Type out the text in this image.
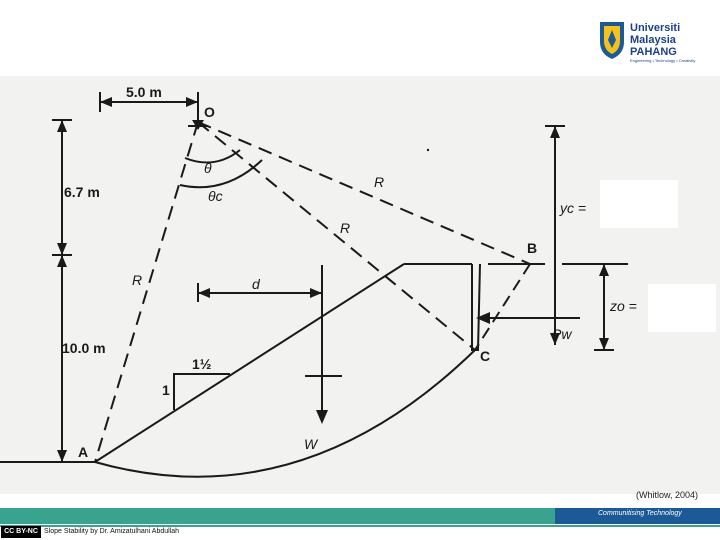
Universiti
Malaysia
PAHANG
Engineering • Technology • Creativity
5.0 m
O
6.7 m
10.0 m
θ
θc
R
R
R	d
1½
1
A
B
C
W
Pw
yc =
zo =
(Whitlow, 2004)
Communitising Technology
CC BY-NC Slope Stability by Dr. Amizatulhani Abdullah
